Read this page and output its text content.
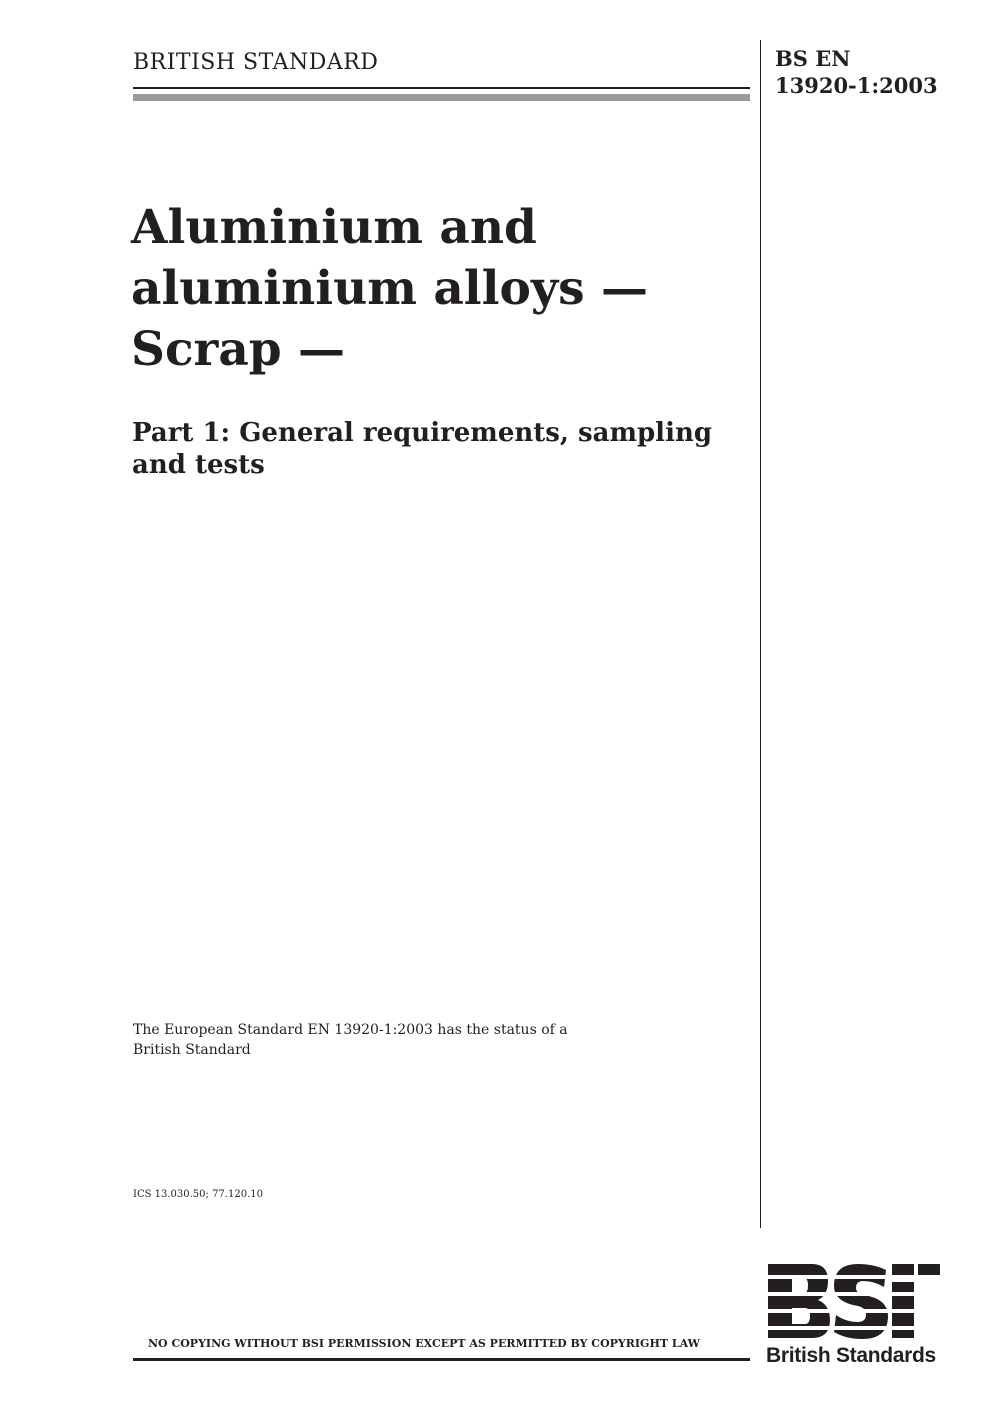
BRITISH STANDARD	BS EN
13920-1:2003
Aluminium and
aluminium alloys —
Scrap —
Part 1: General requirements, sampling
and tests
The European Standard EN 13920-1:2003 has the status of a
British Standard
ICS 13.030.50; 77.120.10
NO COPYING WITHOUT BSI PERMISSION EXCEPT AS PERMITTED BY COPYRIGHT LAW
British Standards
